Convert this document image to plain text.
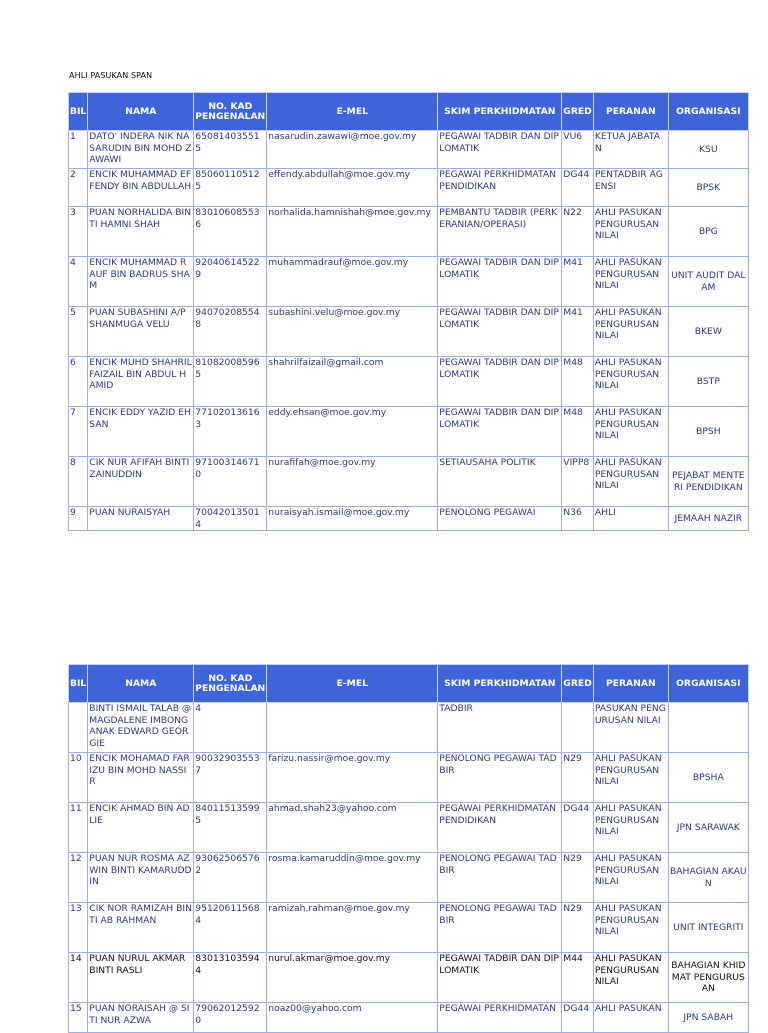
AHLI PASUKAN SPAN
BIL	NAMA	NO. KAD PENGENALAN	E-MEL	SKIM PERKHIDMATAN	GRED	PERANAN	ORGANISASI
1	DATO' INDERA NIK NASARUDIN BIN MOHD ZAWAWI	650814035515	nasarudin.zawawi@moe.gov.my	PEGAWAI TADBIR DAN DIPLOMATIK	VU6	KETUA JABATAN	KSU
2	ENCIK MUHAMMAD EFFENDY BIN ABDULLAH	850601105125	effendy.abdullah@moe.gov.my	PEGAWAI PERKHIDMATAN PENDIDIKAN	DG44	PENTADBIR AGENSI	BPSK
3	PUAN NORHALIDA BINTI HAMNI SHAH	830106085536	norhalida.hamnishah@moe.gov.my	PEMBANTU TADBIR (PERKERANIAN/OPERASI)	N22	AHLI PASUKAN PENGURUSAN NILAI	BPG
4	ENCIK MUHAMMAD RAUF BIN BADRUS SHAM	920406145229	muhammadrauf@moe.gov.my	PEGAWAI TADBIR DAN DIPLOMATIK	M41	AHLI PASUKAN PENGURUSAN NILAI	UNIT AUDIT DALAM
5	PUAN SUBASHINI A/P SHANMUGA VELU	940702085548	subashini.velu@moe.gov.my	PEGAWAI TADBIR DAN DIPLOMATIK	M41	AHLI PASUKAN PENGURUSAN NILAI	BKEW
6	ENCIK MUHD SHAHRILFAIZAIL BIN ABDUL HAMID	810820085965	shahrilfaizail@gmail.com	PEGAWAI TADBIR DAN DIPLOMATIK	M48	AHLI PASUKAN PENGURUSAN NILAI	BSTP
7	ENCIK EDDY YAZID EHSAN	771020136163	eddy.ehsan@moe.gov.my	PEGAWAI TADBIR DAN DIPLOMATIK	M48	AHLI PASUKAN PENGURUSAN NILAI	BPSH
8	CIK NUR AFIFAH BINTI ZAINUDDIN	971003146710	nurafifah@moe.gov.my	SETIAUSAHA POLITIK	VIPP8	AHLI PASUKAN PENGURUSAN NILAI	PEJABAT MENTERI PENDIDIKAN
9	PUAN NURAISYAH	700420135014	nuraisyah.ismail@moe.gov.my	PENOLONG PEGAWAI	N36	AHLI	JEMAAH NAZIR
BIL	NAMA	NO. KAD PENGENALAN	E-MEL	SKIM PERKHIDMATAN	GRED	PERANAN	ORGANISASI
	BINTI ISMAIL TALAB @MAGDALENE IMBONG ANAK EDWARD GEORGIE	4		TADBIR		PASUKAN PENGURUSAN NILAI	
10	ENCIK MOHAMAD FARIZU BIN MOHD NASSIR	900329035537	farizu.nassir@moe.gov.my	PENOLONG PEGAWAI TADBIR	N29	AHLI PASUKAN PENGURUSAN NILAI	BPSHA
11	ENCIK AHMAD BIN ADLIE	840115135995	ahmad.shah23@yahoo.com	PEGAWAI PERKHIDMATAN PENDIDIKAN	DG44	AHLI PASUKAN PENGURUSAN NILAI	JPN SARAWAK
12	PUAN NUR ROSMA AZWIN BINTI KAMARUDDIN	930625065762	rosma.kamaruddin@moe.gov.my	PENOLONG PEGAWAI TADBIR	N29	AHLI PASUKAN PENGURUSAN NILAI	BAHAGIAN AKAUN
13	CIK NOR RAMIZAH BINTI AB RAHMAN	951206115684	ramizah.rahman@moe.gov.my	PENOLONG PEGAWAI TADBIR	N29	AHLI PASUKAN PENGURUSAN NILAI	UNIT INTEGRITI
14	PUAN NURUL AKMAR BINTI RASLI	830131035944	nurul.akmar@moe.gov.my	PEGAWAI TADBIR DAN DIPLOMATIK	M44	AHLI PASUKAN PENGURUSAN NILAI	BAHAGIAN KHIDMAT PENGURUSAN
15	PUAN NORAISAH @ SITI NUR AZWA	790620125920	noaz00@yahoo.com	PEGAWAI PERKHIDMATAN	DG44	AHLI PASUKAN	JPN SABAH
